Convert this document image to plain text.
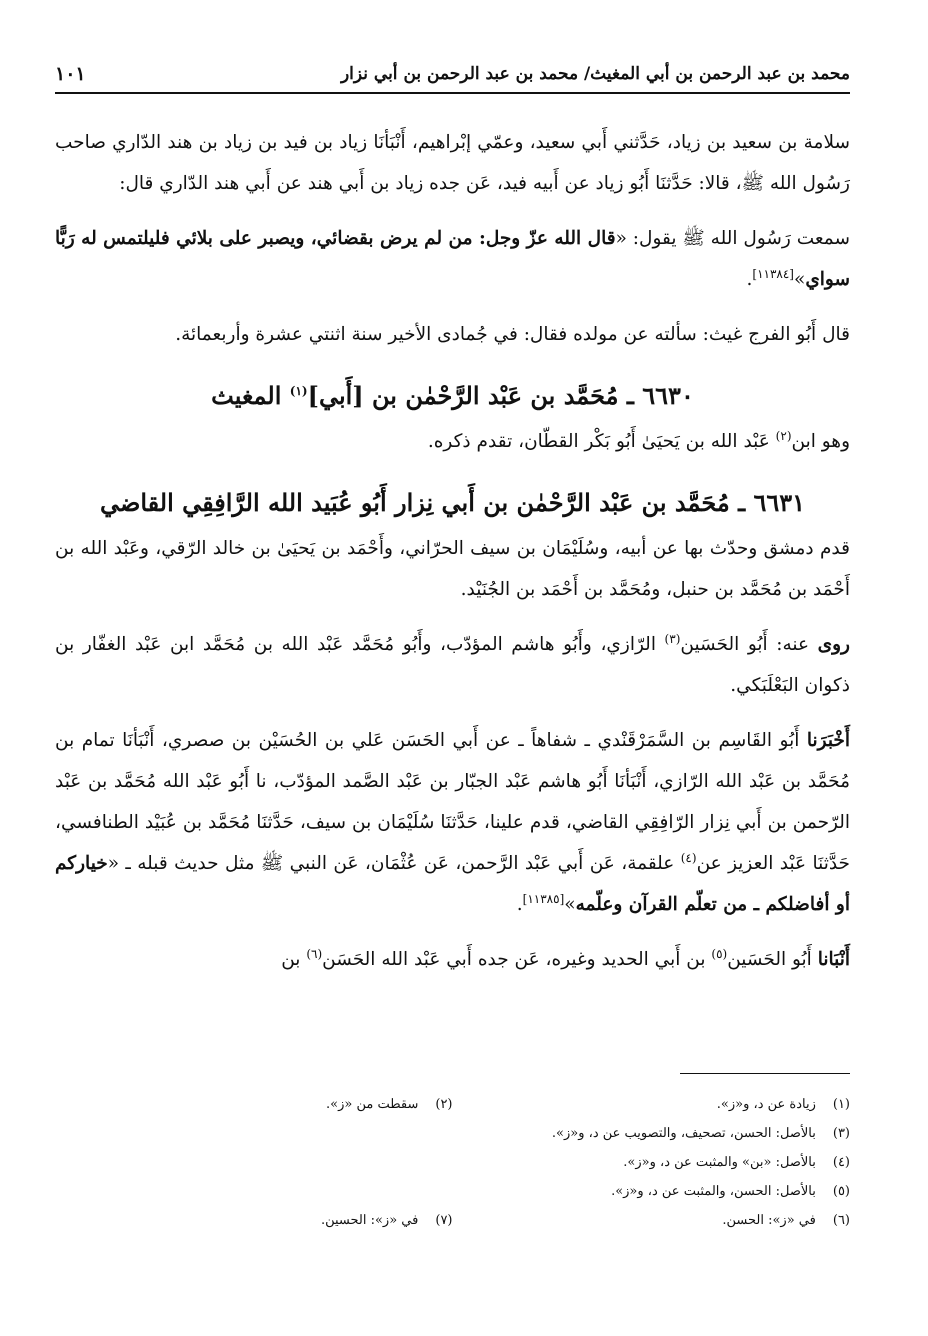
محمد بن عبد الرحمن بن أبي المغيث/ محمد بن عبد الرحمن بن أبي نزار
١٠١

سلامة بن سعيد بن زياد، حَدَّثني أَبي سعيد، وعمّي إبْراهيم، أَنْبَأنَا زياد بن فيد بن زياد بن هند الدّاري صاحب رَسُول الله ﷺ، قالا: حَدَّثنَا أَبُو زياد عن أَبيه فيد، عَن جده زياد بن أَبي هند عن أَبي هند الدّاري قال:

سمعت رَسُول الله ﷺ يقول: «قال الله عزّ وجل: من لم يرض بقضائي، ويصبر على بلائي فليلتمس له رَبًّا سواي»[١١٣٨٤].

قال أَبُو الفرج غيث: سألته عن مولده فقال: في جُمادى الأخير سنة اثنتي عشرة وأربعمائة.

٦٦٣٠ ـ مُحَمَّد بن عَبْد الرَّحْمٰن بن [أَبي]$^{(١)}$ المغيث

وهو ابن$^{(٢)}$ عَبْد الله بن يَحيَىٰ أَبُو بَكْر القطّان، تقدم ذكره.

٦٦٣١ ـ مُحَمَّد بن عَبْد الرَّحْمٰن بن أَبي نِزار أَبُو عُبَيد الله الرَّافِقِي القاضي

قدم دمشق وحدّث بها عن أبيه، وسُلَيْمَان بن سيف الحرّاني، وأَحْمَد بن يَحيَىٰ بن خالد الرّقي، وعَبْد الله بن أَحْمَد بن مُحَمَّد بن حنبل، ومُحَمَّد بن أَحْمَد بن الجُنَيْد.

روى عنه: أَبُو الحَسَين$^{(٣)}$ الرّازي، وأَبُو هاشم المؤدّب، وأَبُو مُحَمَّد عَبْد الله بن مُحَمَّد ابن عَبْد الغفّار بن ذكوان البَعْلَبَكي.

أَخْبَرَنا أَبُو القَاسِم بن السَّمَرْقَنْدي ـ شفاهاً ـ عن أَبي الحَسَن عَلي بن الحُسَيْن بن صصري، أَنْبَأنَا تمام بن مُحَمَّد بن عَبْد الله الرّازي، أَنْبَأنَا أَبُو هاشم عَبْد الجبّار بن عَبْد الصَّمد المؤدّب، نا أَبُو عَبْد الله مُحَمَّد بن عَبْد الرّحمن بن أَبي نِزار الرّافِقِي القاضي، قدم علينا، حَدَّثنَا سُلَيْمَان بن سيف، حَدَّثنَا مُحَمَّد بن عُبَيْد الطنافسي، حَدَّثنَا عَبْد العزيز عن$^{(٤)}$ علقمة، عَن أَبي عَبْد الرَّحمن، عَن عُثْمَان، عَن النبي ﷺ مثل حديث قبله ـ «خياركم أو أفاضلكم ـ من تعلّم القرآن وعلّمه»[١١٣٨٥].

أَنْبَانا أَبُو الحَسَين$^{(٥)}$ بن أَبي الحديد وغيره، عَن جده أَبي عَبْد الله الحَسَن$^{(٦)}$ بن

(١) زيادة عن د، و«ز».
(٢) سقطت من «ز».
(٣) بالأصل: الحسن، تصحيف، والتصويب عن د، و«ز».
(٤) بالأصل: «بن» والمثبت عن د، و«ز».
(٥) بالأصل: الحسن، والمثبت عن د، و«ز».
(٦) في «ز»: الحسن.
(٧) في «ز»: الحسين.
